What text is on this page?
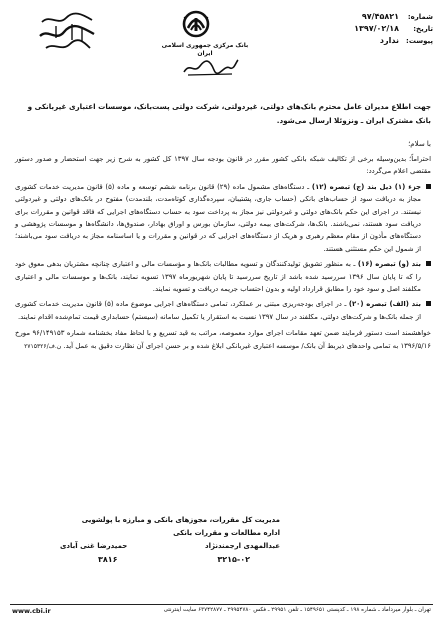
شماره:
۹۷/۴۵۸۲۱
تاریخ:
۱۳۹۷/۰۲/۱۸
پیوست:
ندارد
بانک مرکزی جمهوری اسلامی ایران
جهت اطلاع مدیران عامل محترم بانک‌های دولتی، غیردولتی، شرکت دولتی پست‌بانک، موسسات اعتباری غیربانکی و بانک مشترک ایران ـ ونزوئلا ارسال می‌شود.
با سلام؛

احتراماً؛ بدین‌وسیله برخی از تکالیف شبکه بانکی کشور مقرر در قانون بودجه سال ۱۳۹۷ کل کشور به شرح زیر جهت استحضار و صدور دستور مقتضی اعلام می‌گردد:

جزء (۱) ذیل بند (ج) تبصره (۱۲) ـ دستگاه‌های مشمول ماده (۲۹) قانون برنامه ششم توسعه و ماده (۵) قانون مدیریت خدمات کشوری مجاز به دریافت سود از حساب‌های بانکی (حساب جاری، پشتیبان، سپرده‌گذاری کوتاه‌مدت، بلندمدت) مفتوح در بانک‌های دولتی و غیردولتی نیستند. در اجرای این حکم بانک‌های دولتی و غیردولتی نیز مجاز به پرداخت سود به حساب دستگاه‌های اجرایی که فاقد قوانین و مقررات برای دریافت سود هستند، نمی‌باشند. بانک‌ها، شرکت‌های بیمه دولتی، سازمان بورس و اوراق بهادار، صندوق‌ها، دانشگاه‌ها و موسسات پژوهشی و دستگاه‌های مأذون از مقام معظم رهبری و هریک از دستگاه‌های اجرایی که در قوانین و مقررات و یا اساسنامه مجاز به دریافت سود می‌باشند؛ از شمول این حکم مستثنی هستند.

بند (و) تبصره (۱۶) ـ به منظور تشویق تولیدکنندگان و تسویه مطالبات بانک‌ها و مؤسسات مالی و اعتباری چنانچه مشتریان بدهی معوق خود را که تا پایان سال ۱۳۹۶ سررسید شده باشد از تاریخ سررسید تا پایان شهریورماه ۱۳۹۷ تسویه نمایند، بانک‌ها و موسسات مالی و اعتباری مکلفند اصل و سود خود را مطابق قرارداد اولیه و بدون احتساب جریمه دریافت و تسویه نمایند.

بند (الف) تبصره (۲۰) ـ در اجرای بودجه‌ریزی مبتنی بر عملکرد، تمامی دستگاه‌های اجرایی موضوع ماده (۵) قانون مدیریت خدمات کشوری از جمله بانک‌ها و شرکت‌های دولتی، مکلفند در سال ۱۳۹۷ نسبت به استقرار یا تکمیل سامانه (سیستم) حسابداری قیمت تمام‌شده اقدام نمایند.

خواهشمند است دستور فرمایند ضمن تعهد مقامات اجرای موارد معموصه، مراتب به قید تسریع و با لحاظ مفاد بخشنامه شماره ۹۶/۱۴۹۱۵۳ مورخ ۱۳۹۶/۵/۱۶ به تمامی واحدهای ذیربط آن بانک/ موسسه اعتباری غیربانکی ابلاغ شده و بر حسن اجرای آن نظارت دقیق به عمل آید. ۲۷۱۵۳۲۶/ن.ف

مدیریت کل مقررات، مجوزهای بانکی و مبارزه با پولشویی
اداره مطالعات و مقررات بانکی
عبدالمهدی ارجمندنژاد
حمیدرضا غنی آبادی
۳۲۱۵-۰۲
۳۸۱۶
تهران ـ بلوار میرداماد ـ شماره ۱۹۸ ـ کدپستی ۱۵۴۹۶۵۱ ـ تلفن ۲۹۹۵۱ ـ فکس ۲۹۹۵۴۷۸۰ ـ ۶۳۷۴۲۸۷۷ سایت اینترنتی
www.cbi.ir
